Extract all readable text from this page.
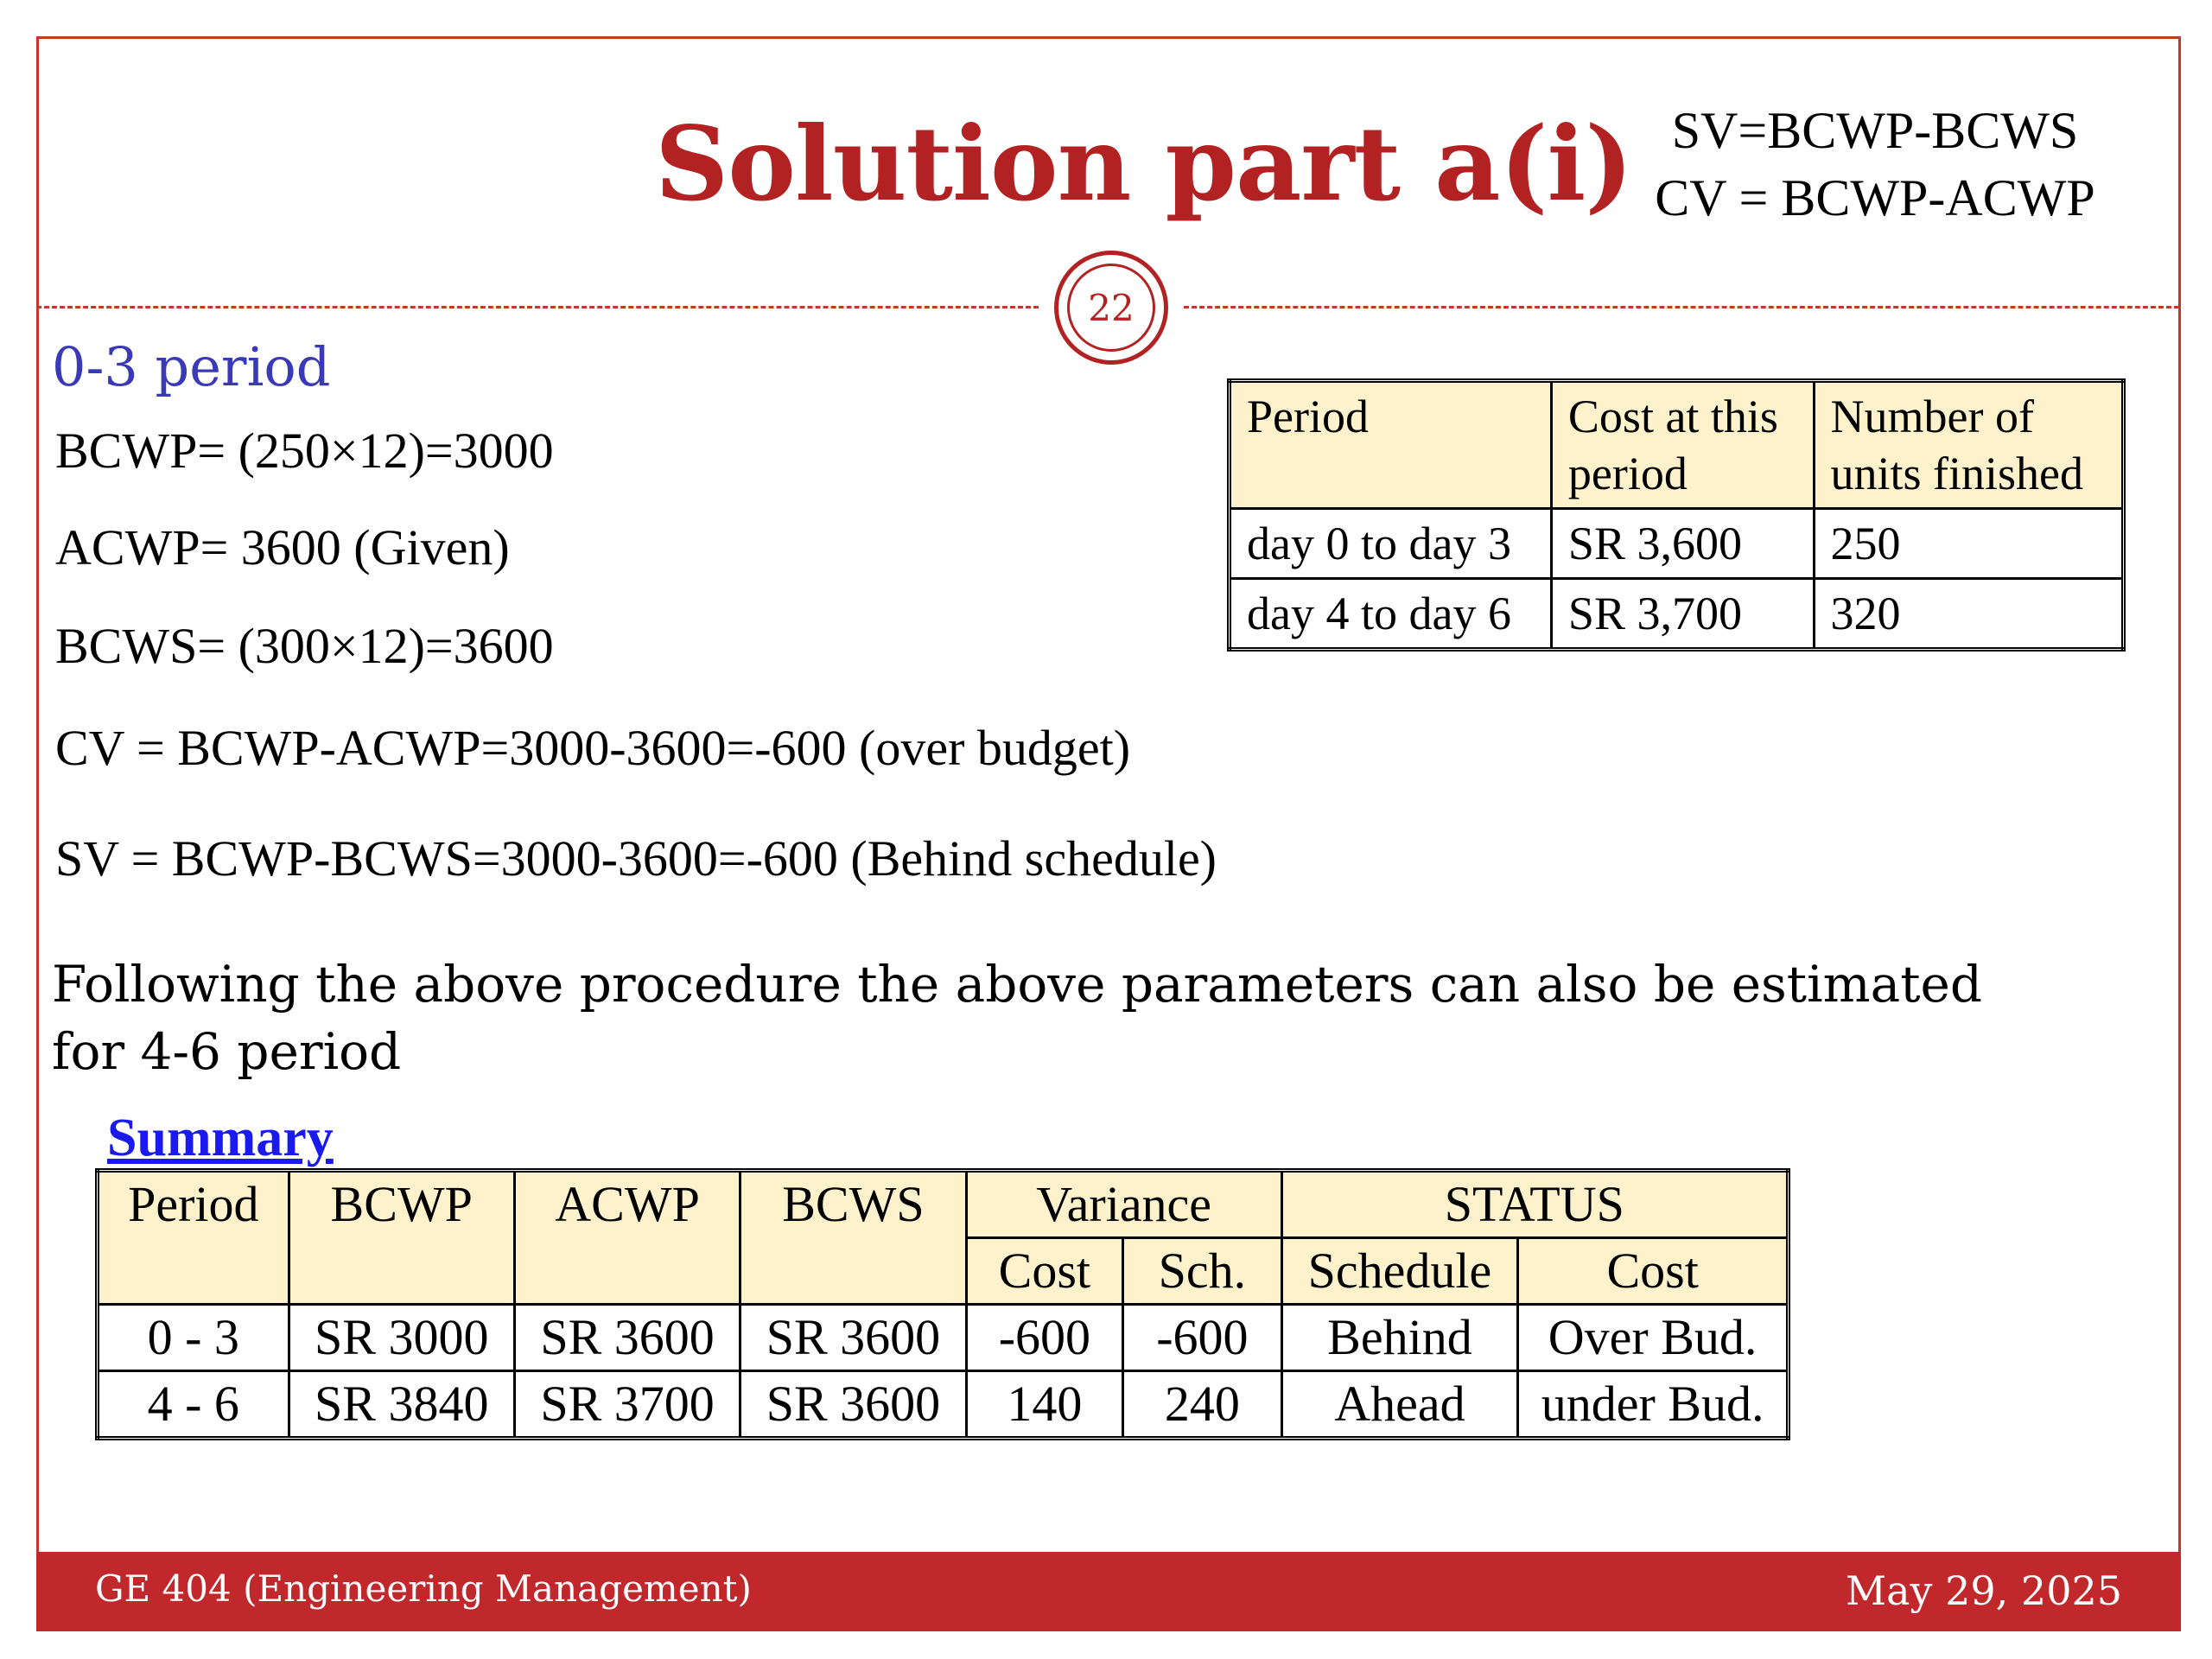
Solution part a(i) SV=BCWP-BCWS
CV = BCWP-ACWP
22
0-3 period
BCWP= (250×12)=3000
ACWP= 3600 (Given)
BCWS= (300×12)=3600
CV = BCWP-ACWP=3000-3600=-600 (over budget)
SV = BCWP-BCWS=3000-3600=-600 (Behind schedule)
Following the above procedure the above parameters can also be estimated for 4-6 period
Summary
Period	Cost at this period	Number of units finished
day 0 to day 3	SR 3,600	250
day 4 to day 6	SR 3,700	320
Period	BCWP	ACWP	BCWS	Variance		STATUS	
				Cost	Sch.	Schedule	Cost
0 - 3	SR 3000	SR 3600	SR 3600	-600	-600	Behind	Over Bud.
4 - 6	SR 3840	SR 3700	SR 3600	140	240	Ahead	under Bud.
GE 404 (Engineering Management)	May 29, 2025
